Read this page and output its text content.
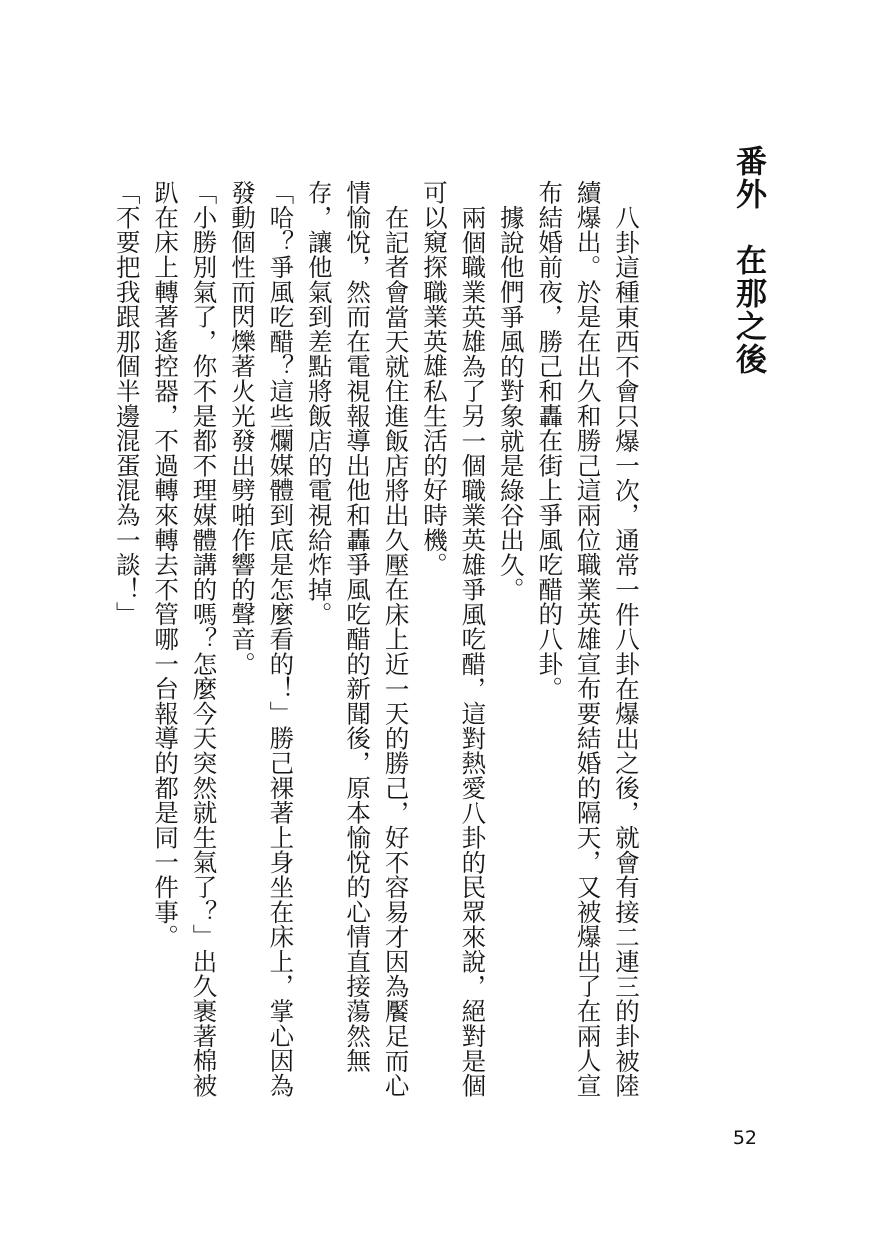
番外　在那之後

八卦這種東西不會只爆一次，通常一件八卦在爆出之後，就會有接二連三的卦被陸續爆出。於是在出久和勝己這兩位職業英雄宣布要結婚的隔天，又被爆出了在兩人宣布結婚前夜，勝己和轟在街上爭風吃醋的八卦。

據說他們爭風的對象就是綠谷出久。

兩個職業英雄為了另一個職業英雄爭風吃醋，這對熱愛八卦的民眾來說，絕對是個可以窺探職業英雄私生活的好時機。

在記者會當天就住進飯店將出久壓在床上近一天的勝己，好不容易才因為饜足而心情愉悅，然而在電視報導出他和轟爭風吃醋的新聞後，原本愉悅的心情直接蕩然無存，讓他氣到差點將飯店的電視給炸掉。

「哈？爭風吃醋？這些爛媒體到底是怎麼看的！」勝己裸著上身坐在床上，掌心因為發動個性而閃爍著火光發出劈啪作響的聲音。

「小勝別氣了，你不是都不理媒體講的嗎？怎麼今天突然就生氣了？」出久裹著棉被趴在床上轉著遙控器，不過轉來轉去不管哪一台報導的都是同一件事。

「不要把我跟那個半邊混蛋混為一談！」

52
